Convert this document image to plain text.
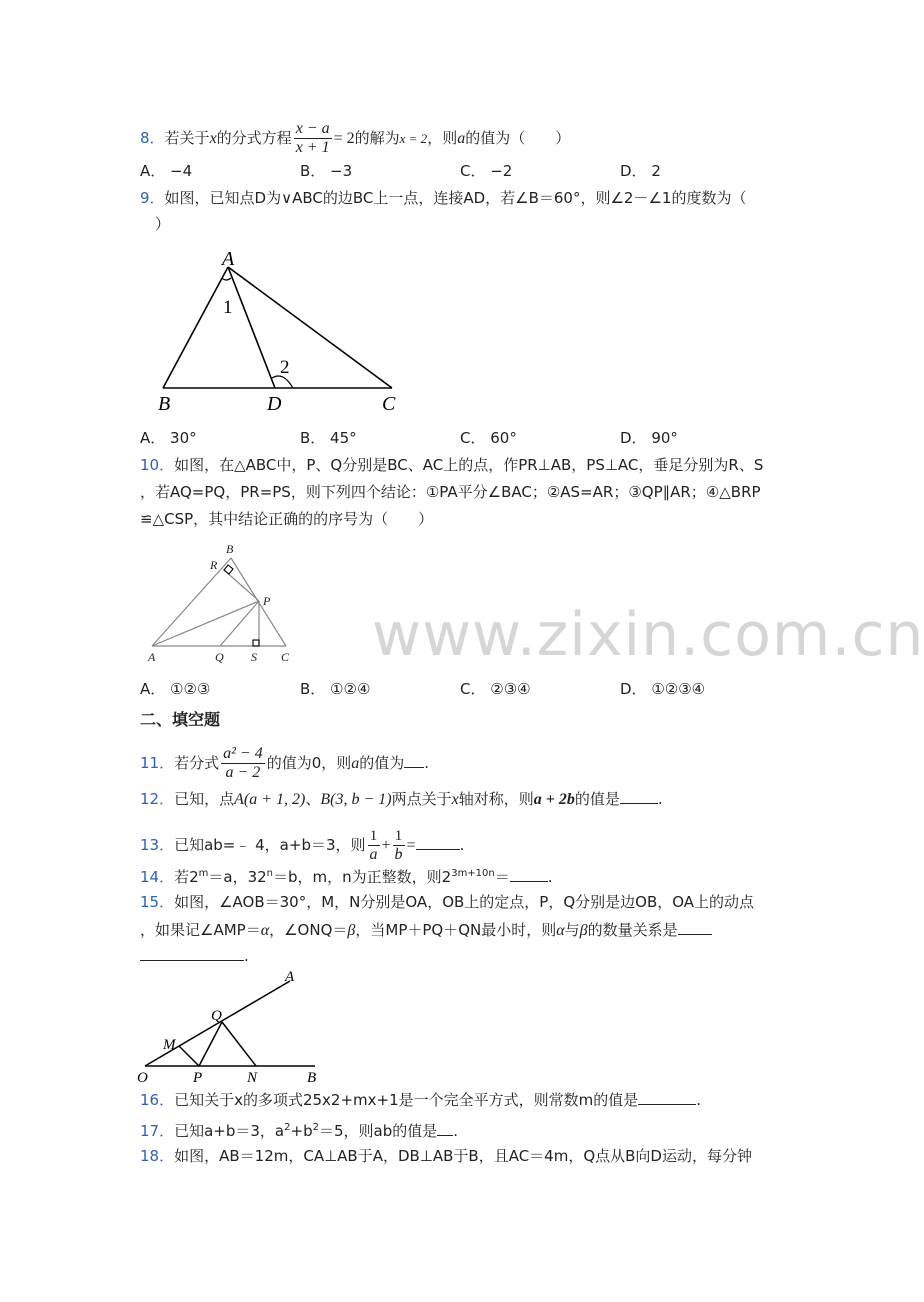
8．若关于x的分式方程 $\frac{x - a}{x + 1} = 2$的解为x = 2，则a的值为（　　）
A． −4	B． −3	C． −2	D． 2
9．如图，已知点D为∨ABC的边BC上一点，连接AD，若∠B＝60°，则∠2－∠1的度数为（
　）
A
1
2
B	D	C
A． 30°	B． 45°	C． 60°	D． 90°
10．如图，在△ABC中，P、Q分别是BC、AC上的点，作PR⊥AB，PS⊥AC，垂足分别为R、S
，若AQ=PQ，PR=PS，则下列四个结论：①PA平分∠BAC；②AS=AR；③QP∥AR；④△BRP
≌△CSP，其中结论正确的的序号为（　　）
B
R
P
A	Q S C www.zixin.com.cn
A． ①②③	B． ①②④	C． ②③④	D． ①②③④
二、填空题
11．若分式 $\frac{\text{a² − 4}}{a - 2}$ 的值为0，则a的值为 .
12．已知，点A(a + 1, 2)、B(3, b − 1)两点关于x轴对称，则a + 2b的值是	.
13．已知ab=﹣ 4，a+b＝3，则 $\frac{1}{a} + \frac{1}{b}$ =	.
14．若$2^m=a$，$32^n=b$，m，n为正整数，则$2^{3m+10n}=$	.
15．如图，∠AOB＝30°，M，N分别是OA，OB上的定点，P，Q分别是边OB，OA上的动点
，如果记∠AMP＝α，∠ONQ＝β，当MP＋PQ＋QN最小时，则α与β的数量关系是
.
A
Q
M
O	P	N	B
16．已知关于x的多项式25x2+mx+1是一个完全平方式，则常数m的值是	.
17．已知a+b＝3，$a^2+b^2=5$，则ab的值是 .
18．如图，AB＝12m，CA⊥AB于A，DB⊥AB于B，且AC＝4m，Q点从B向D运动，每分钟
